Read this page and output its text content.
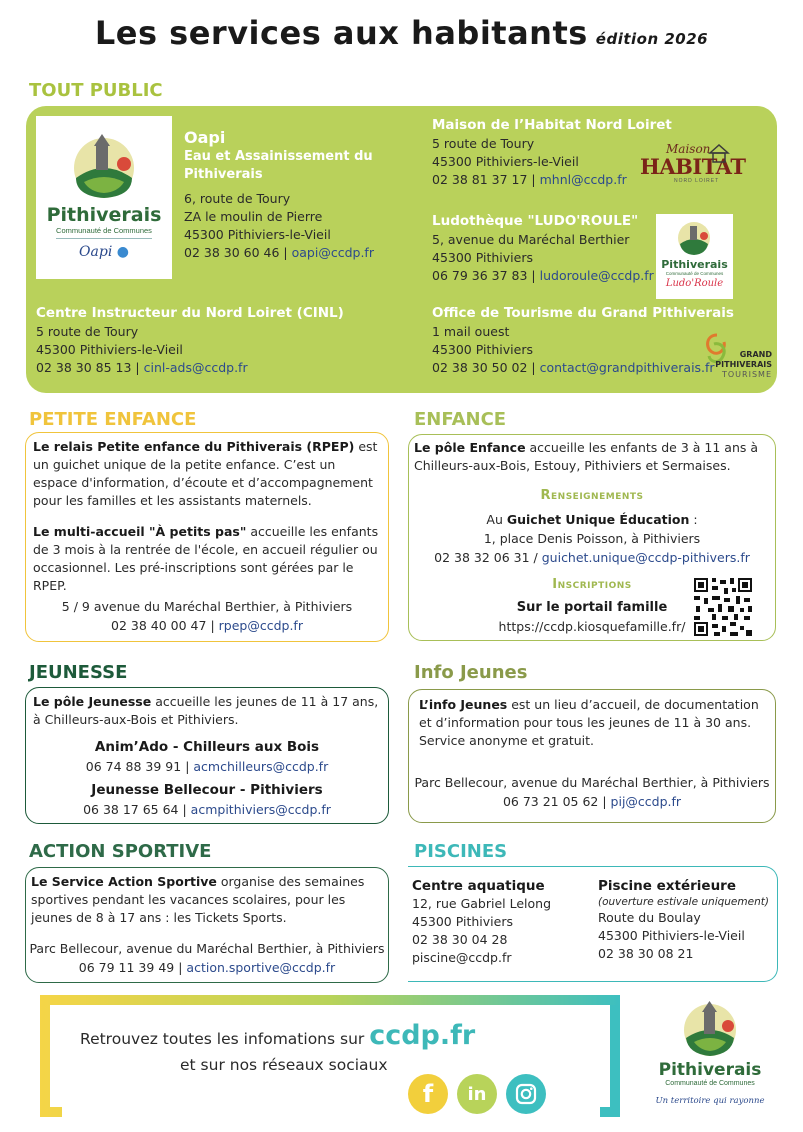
Les services aux habitants édition 2026
TOUT PUBLIC
Pithiverais
Communauté de Communes
Oapi ●
Oapi
Eau et Assainissement du
Pithiverais
6, route de Toury
ZA le moulin de Pierre
45300 Pithiviers-le-Vieil
02 38 30 60 46 | oapi@ccdp.fr
Centre Instructeur du Nord Loiret (CINL)
5 route de Toury
45300 Pithiviers-le-Vieil
02 38 30 85 13 | cinl-ads@ccdp.fr
Maison de l’Habitat Nord Loiret
5 route de Toury
45300 Pithiviers-le-Vieil
02 38 81 37 17 | mhnl@ccdp.fr
Maison
HABITAT
NORD LOIRET
Ludothèque "LUDO'ROULE"
5, avenue du Maréchal Berthier
45300 Pithiviers
06 79 36 37 83 | ludoroule@ccdp.fr
Pithiverais
Communauté de Communes
Ludo'Roule
Office de Tourisme du Grand Pithiverais
1 mail ouest
45300 Pithiviers
02 38 30 50 02 | contact@grandpithiverais.fr
GRAND
PITHIVERAIS
TOURISME
PETITE ENFANCE
Le relais Petite enfance du Pithiverais (RPEP) est un guichet unique de la petite enfance. C’est un espace d'information, d’écoute et d’accompagnement pour les familles et les assistants maternels.
Le multi-accueil "À petits pas" accueille les enfants de 3 mois à la rentrée de l'école, en accueil régulier ou occasionnel. Les pré-inscriptions sont gérées par le RPEP.
5 / 9 avenue du Maréchal Berthier, à Pithiviers
02 38 40 00 47 | rpep@ccdp.fr
ENFANCE
Le pôle Enfance accueille les enfants de 3 à 11 ans à Chilleurs-aux-Bois, Estouy, Pithiviers et Sermaises.
Renseignements
Au Guichet Unique Éducation :
1, place Denis Poisson, à Pithiviers
02 38 32 06 31 / guichet.unique@ccdp-pithivers.fr
Inscriptions
Sur le portail famille
https://ccdp.kiosquefamille.fr/
JEUNESSE
Le pôle Jeunesse accueille les jeunes de 11 à 17 ans, à Chilleurs-aux-Bois et Pithiviers.
Anim’Ado - Chilleurs aux Bois
06 74 88 39 91 | acmchilleurs@ccdp.fr
Jeunesse Bellecour - Pithiviers
06 38 17 65 64 | acmpithiviers@ccdp.fr
Info Jeunes
L’info Jeunes est un lieu d’accueil, de documentation et d’information pour tous les jeunes de 11 à 30 ans. Service anonyme et gratuit.
Parc Bellecour, avenue du Maréchal Berthier, à Pithiviers
06 73 21 05 62 | pij@ccdp.fr
ACTION SPORTIVE
Le Service Action Sportive organise des semaines sportives pendant les vacances scolaires, pour les jeunes de 8 à 17 ans : les Tickets Sports.
Parc Bellecour, avenue du Maréchal Berthier, à Pithiviers
06 79 11 39 49 | action.sportive@ccdp.fr
PISCINES
Centre aquatique
12, rue Gabriel Lelong
45300 Pithiviers
02 38 30 04 28
piscine@ccdp.fr
Piscine extérieure
(ouverture estivale uniquement)
Route du Boulay
45300 Pithiviers-le-Vieil
02 38 30 08 21
Retrouvez toutes les infomations sur ccdp.fr
et sur nos réseaux sociaux
f in
Pithiverais
Communauté de Communes
Un territoire qui rayonne
